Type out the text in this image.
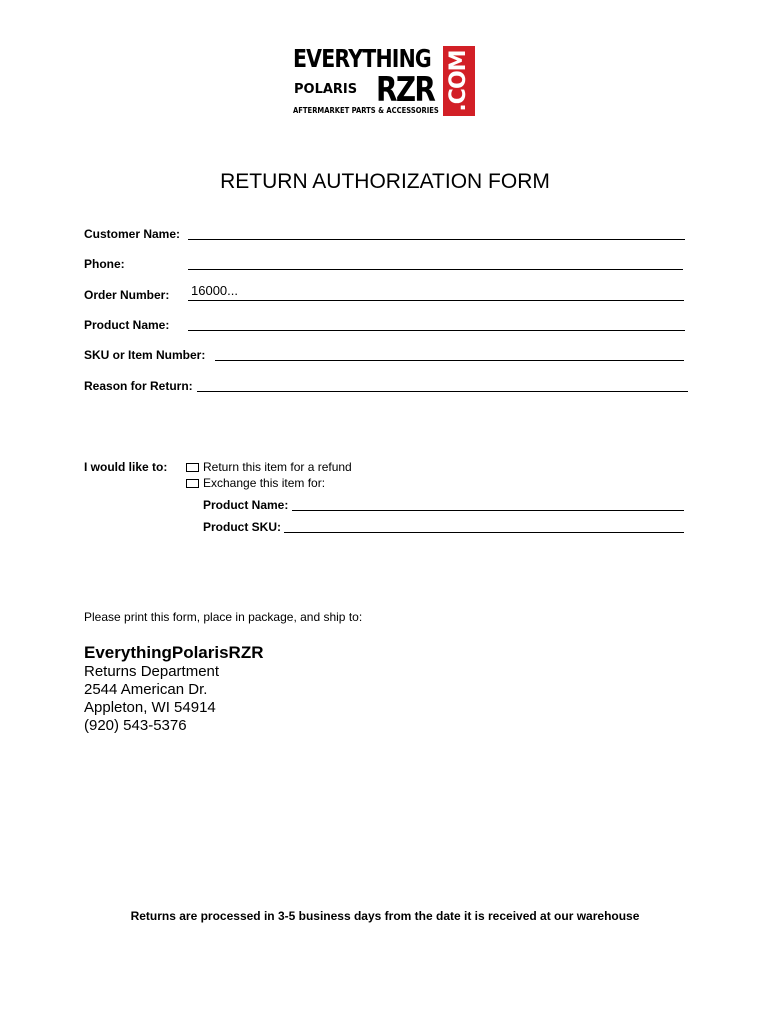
EVERYTHING
POLARIS RZR
AFTERMARKET PARTS & ACCESSORIES .COM
RETURN AUTHORIZATION FORM
Customer Name:
Phone:
Order Number: 16000...
Product Name:
SKU or Item Number:
Reason for Return:
I would like to:	Return this item for a refund
Exchange this item for:
Product Name:
Product SKU:
Please print this form, place in package, and ship to:
EverythingPolarisRZR
Returns Department
2544 American Dr.
Appleton, WI 54914
(920) 543-5376
Returns are processed in 3-5 business days from the date it is received at our warehouse
